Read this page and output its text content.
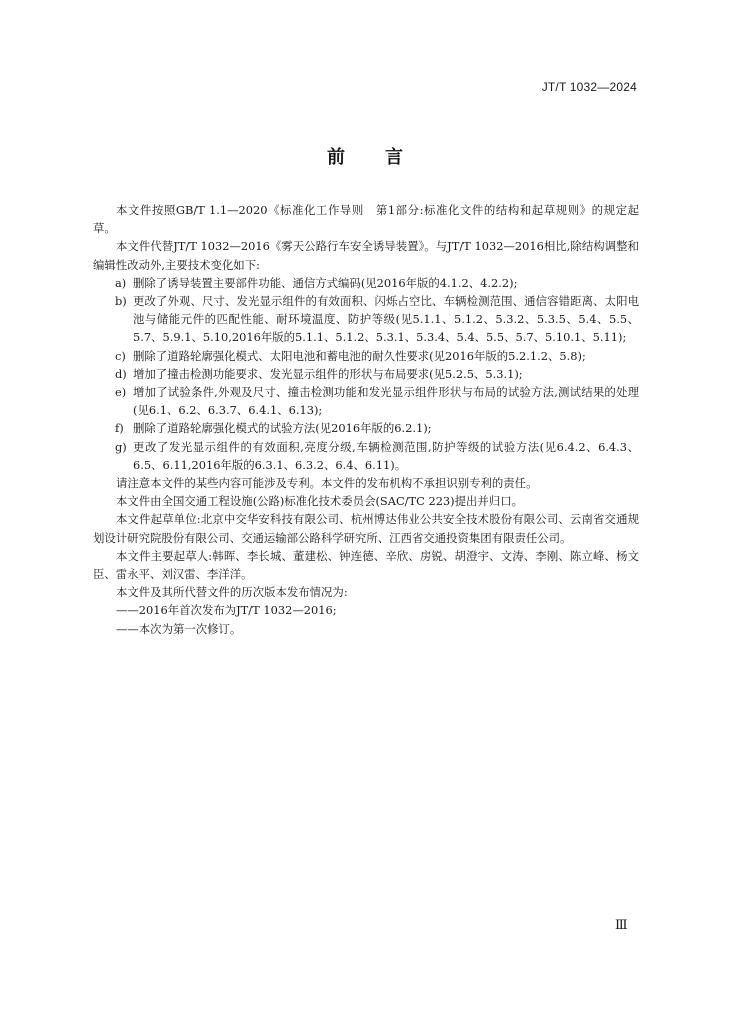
JT/T 1032—2024
前言

本文件按照GB/T 1.1—2020《标准化工作导则　第1部分:标准化文件的结构和起草规则》的规定起草。

本文件代替JT/T 1032—2016《雾天公路行车安全诱导装置》。与JT/T 1032—2016相比,除结构调整和编辑性改动外,主要技术变化如下:

a) 删除了诱导装置主要部件功能、通信方式编码(见2016年版的4.1.2、4.2.2);
b) 更改了外观、尺寸、发光显示组件的有效面积、闪烁占空比、车辆检测范围、通信容错距离、太阳电池与储能元件的匹配性能、耐环境温度、防护等级(见5.1.1、5.1.2、5.3.2、5.3.5、5.4、5.5、5.7、5.9.1、5.10,2016年版的5.1.1、5.1.2、5.3.1、5.3.4、5.4、5.5、5.7、5.10.1、5.11);
c) 删除了道路轮廓强化模式、太阳电池和蓄电池的耐久性要求(见2016年版的5.2.1.2、5.8);
d) 增加了撞击检测功能要求、发光显示组件的形状与布局要求(见5.2.5、5.3.1);
e) 增加了试验条件,外观及尺寸、撞击检测功能和发光显示组件形状与布局的试验方法,测试结果的处理(见6.1、6.2、6.3.7、6.4.1、6.13);
f) 删除了道路轮廓强化模式的试验方法(见2016年版的6.2.1);
g) 更改了发光显示组件的有效面积,亮度分级,车辆检测范围,防护等级的试验方法(见6.4.2、6.4.3、6.5、6.11,2016年版的6.3.1、6.3.2、6.4、6.11)。

请注意本文件的某些内容可能涉及专利。本文件的发布机构不承担识别专利的责任。

本文件由全国交通工程设施(公路)标准化技术委员会(SAC/TC 223)提出并归口。

本文件起草单位:北京中交华安科技有限公司、杭州博达伟业公共安全技术股份有限公司、云南省交通规划设计研究院股份有限公司、交通运输部公路科学研究所、江西省交通投资集团有限责任公司。

本文件主要起草人:韩晖、李长城、董建松、钟连德、辛欣、房锐、胡澄宇、文涛、李刚、陈立峰、杨文臣、雷永平、刘汉雷、李洋洋。

本文件及其所代替文件的历次版本发布情况为:

——2016年首次发布为JT/T 1032—2016;

——本次为第一次修订。

Ⅲ
